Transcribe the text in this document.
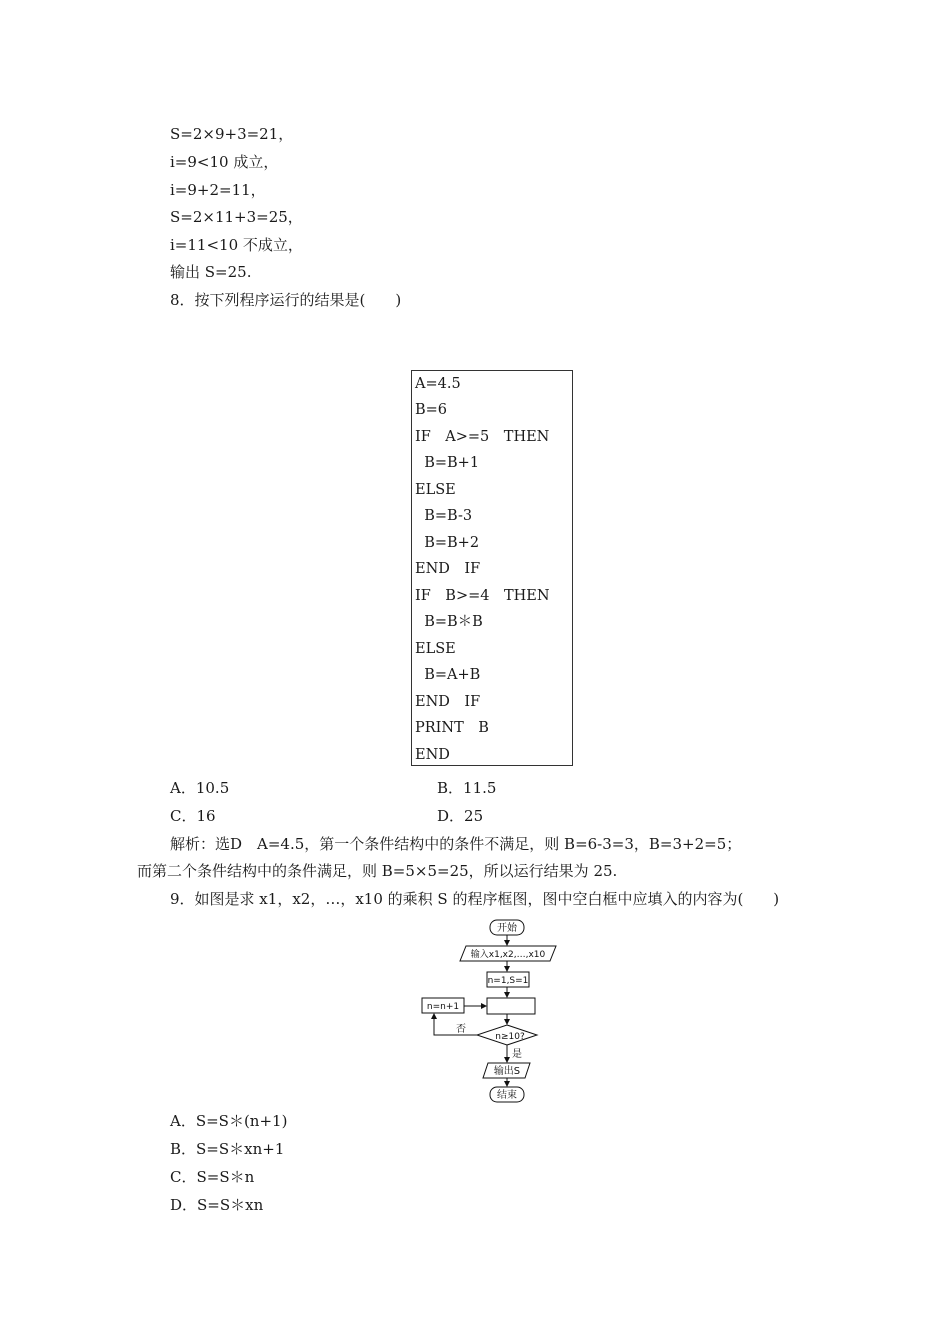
S=2×9+3=21，
i=9<10 成立，
i=9+2=11，
S=2×11+3=25，
i=11<10 不成立，
输出 S=25.
8．按下列程序运行的结果是(　　)
A=4.5
B=6
IF　A>=5　THEN
B=B+1
ELSE
B=B-3
B=B+2
END　IF
IF　B>=4　THEN
B=B＊B
ELSE
B=A+B
END　IF
PRINT　B
END
A．10.5	B．11.5
C．16	D．25
解析：选D　A=4.5，第一个条件结构中的条件不满足，则 B=6-3=3，B=3+2=5；
而第二个条件结构中的条件满足，则 B=5×5=25，所以运行结果为 25.
9．如图是求 x1，x2，…，x10 的乘积 S 的程序框图，图中空白框中应填入的内容为(　　)
开始
输入x1,x2,…,x10
n=1,S=1
n≥10?
否
n=n+1
是
输出S
结束
A．S=S＊(n+1)
B．S=S＊xn+1
C．S=S＊n
D．S=S＊xn
